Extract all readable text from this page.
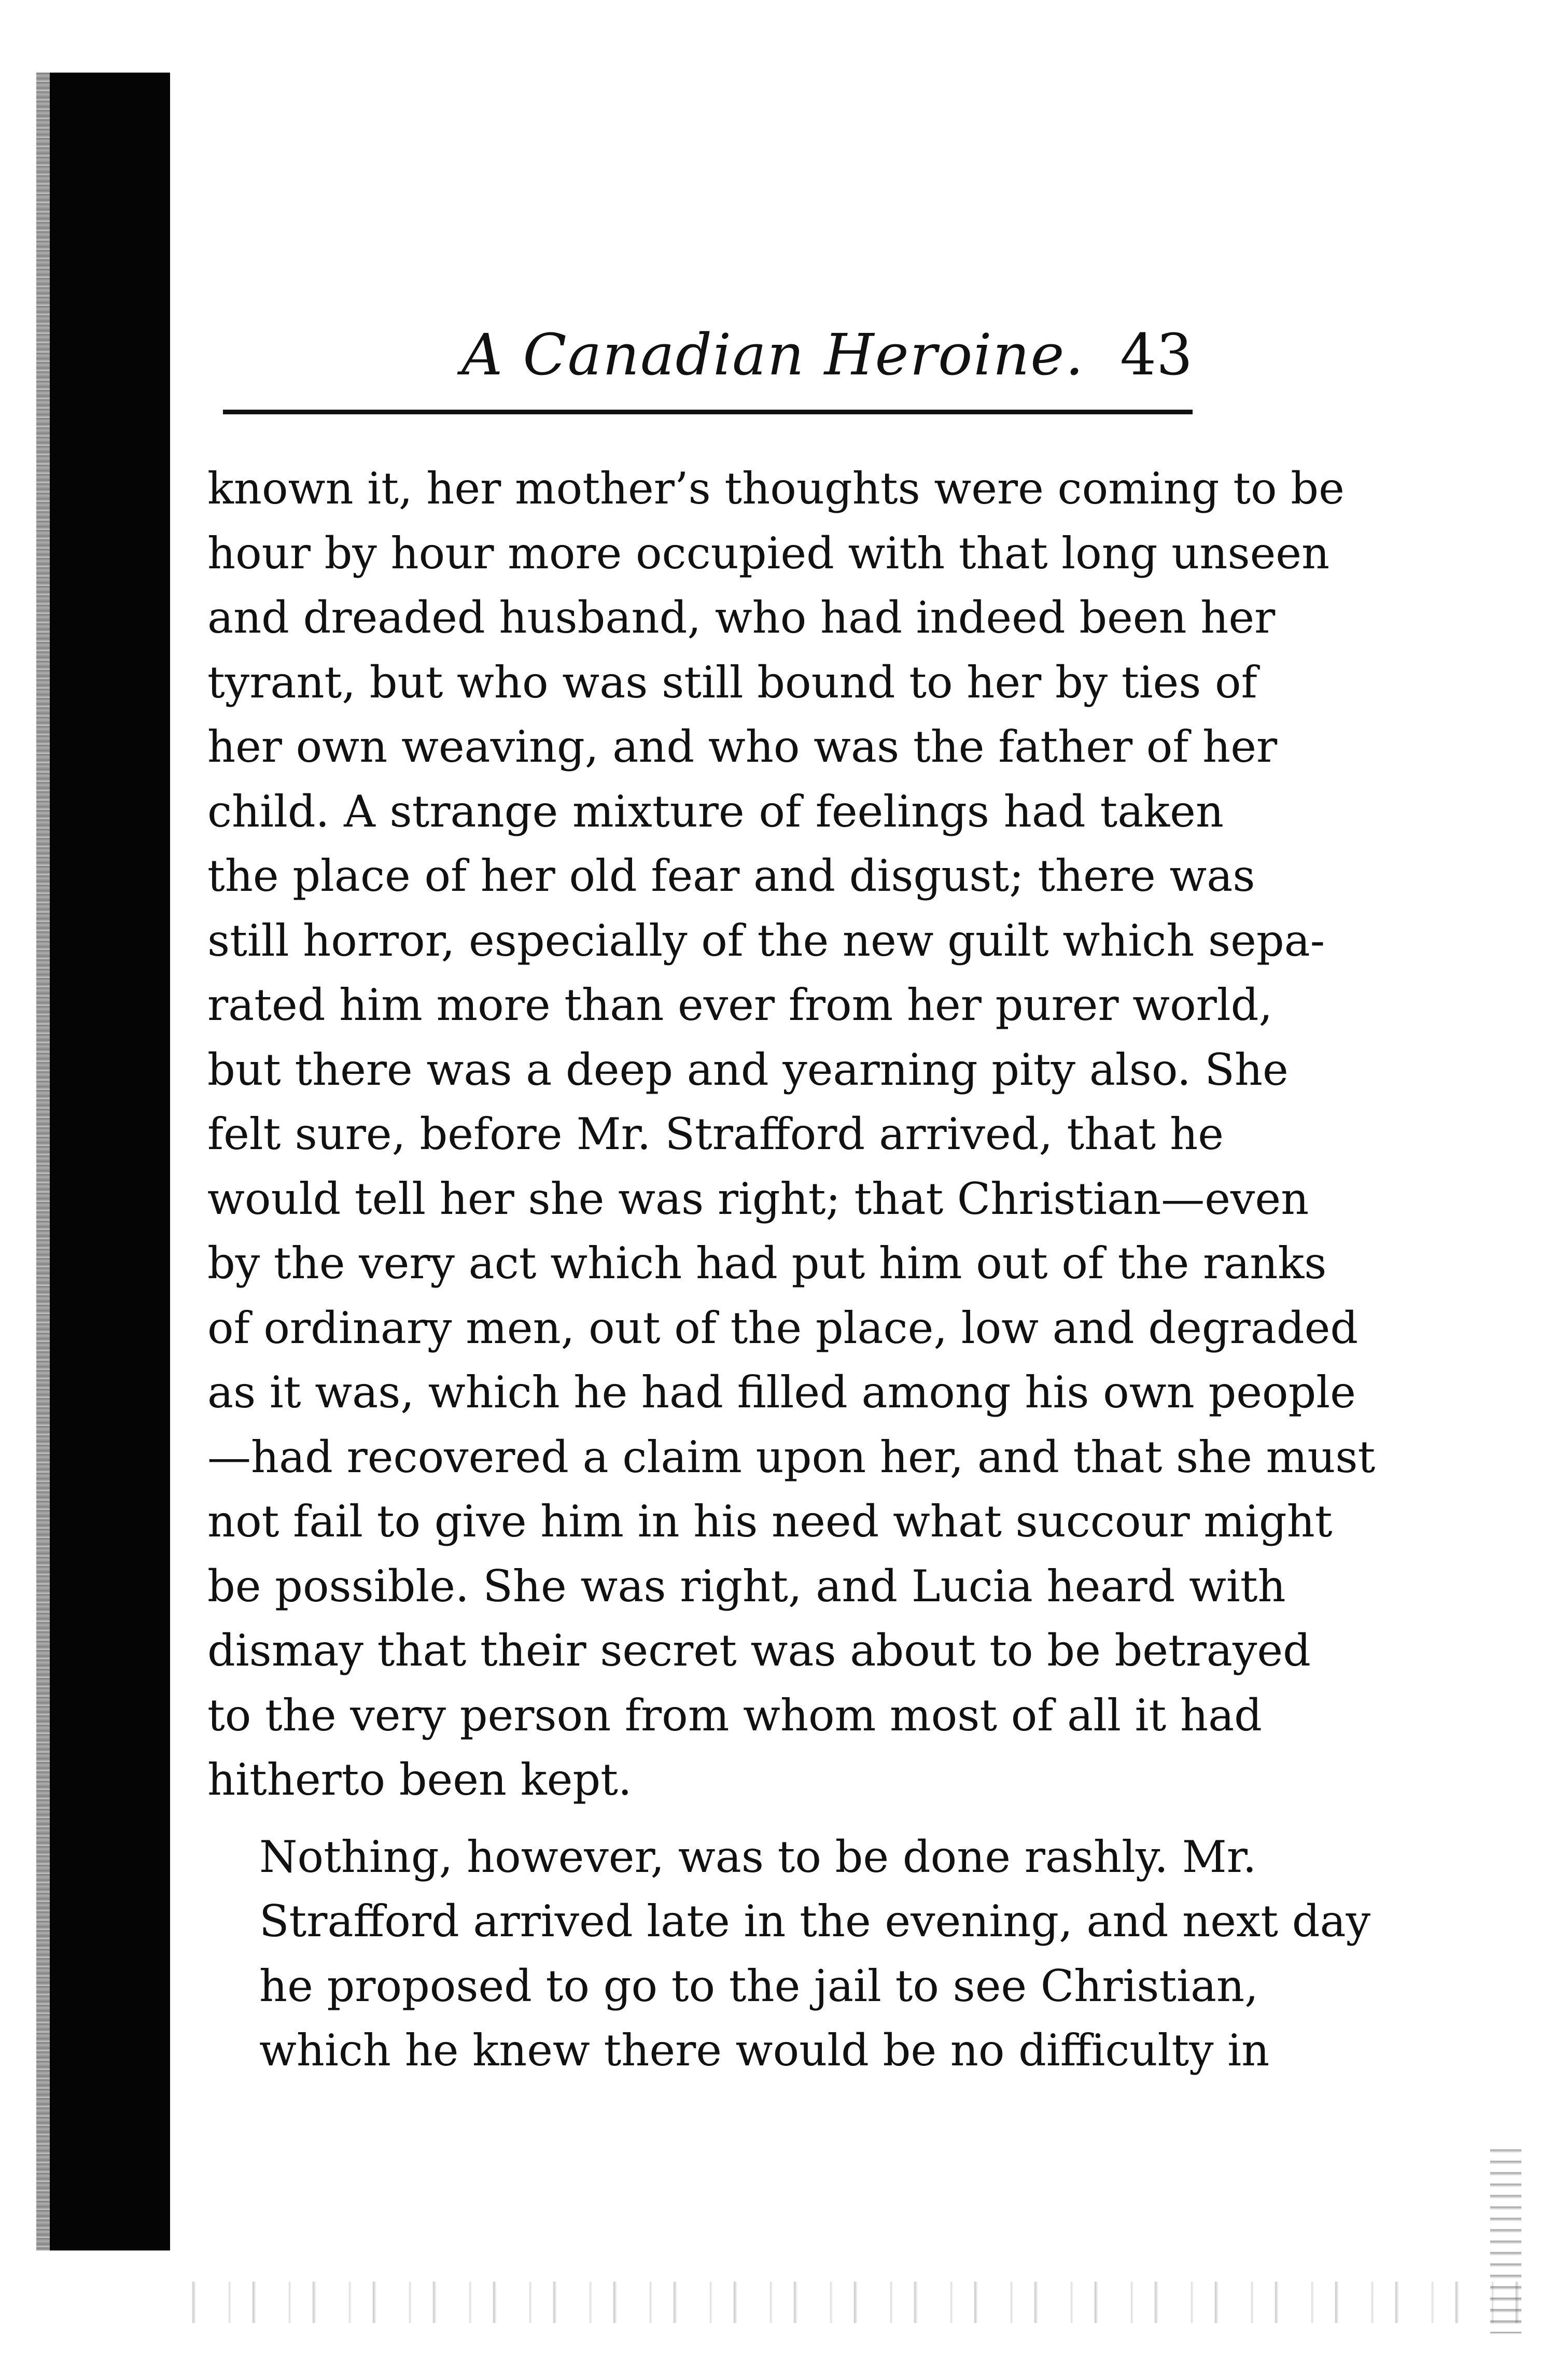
A Canadian Heroine. 43
known it, her mother’s thoughts were coming to be
hour by hour more occupied with that long unseen
and dreaded husband, who had indeed been her
tyrant, but who was still bound to her by ties of
her own weaving, and who was the father of her
child. A strange mixture of feelings had taken
the place of her old fear and disgust; there was
still horror, especially of the new guilt which sepa-
rated him more than ever from her purer world,
but there was a deep and yearning pity also. She
felt sure, before Mr. Strafford arrived, that he
would tell her she was right; that Christian—even
by the very act which had put him out of the ranks
of ordinary men, out of the place, low and degraded
as it was, which he had filled among his own people
—had recovered a claim upon her, and that she must
not fail to give him in his need what succour might
be possible. She was right, and Lucia heard with
dismay that their secret was about to be betrayed
to the very person from whom most of all it had
hitherto been kept.
Nothing, however, was to be done rashly. Mr.
Strafford arrived late in the evening, and next day
he proposed to go to the jail to see Christian,
which he knew there would be no difficulty in
